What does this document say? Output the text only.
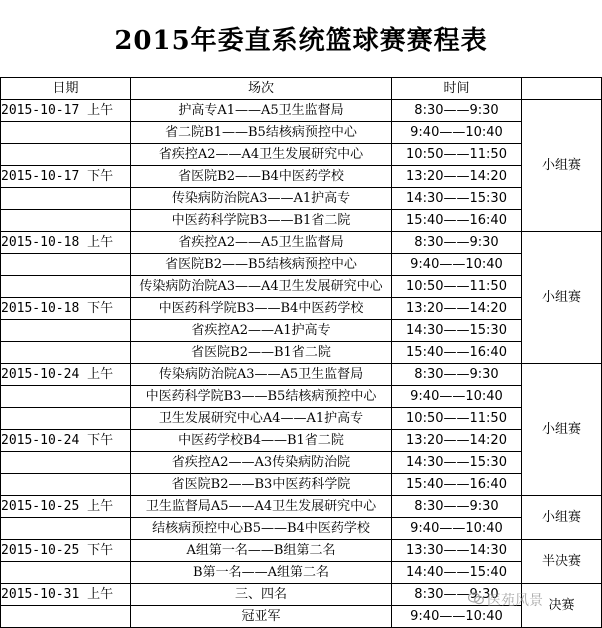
2015年委直系统篮球赛赛程表
日期	场次	时间	
2015-10-17 上午	护高专A1——A5卫生监督局	8:30——9:30	小组赛
	省二院B1——B5结核病预控中心	9:40——10:40	
	省疾控A2——A4卫生发展研究中心	10:50——11:50	
2015-10-17 下午	省医院B2——B4中医药学校	13:20——14:20	
	传染病防治院A3——A1护高专	14:30——15:30	
	中医药科学院B3——B1省二院	15:40——16:40	
2015-10-18 上午	省疾控A2——A5卫生监督局	8:30——9:30	小组赛
	省医院B2——B5结核病预控中心	9:40——10:40	
	传染病防治院A3——A4卫生发展研究中心	10:50——11:50	
2015-10-18 下午	中医药科学院B3——B4中医药学校	13:20——14:20	
	省疾控A2——A1护高专	14:30——15:30	
	省医院B2——B1省二院	15:40——16:40	
2015-10-24 上午	传染病防治院A3——A5卫生监督局	8:30——9:30	小组赛
	中医药科学院B3——B5结核病预控中心	9:40——10:40	
	卫生发展研究中心A4——A1护高专	10:50——11:50	
2015-10-24 下午	中医药学校B4——B1省二院	13:20——14:20	
	省疾控A2——A3传染病防治院	14:30——15:30	
	省医院B2——B3中医药科学院	15:40——16:40	
2015-10-25 上午	卫生监督局A5——A4卫生发展研究中心	8:30——9:30	小组赛
	结核病预控中心B5——B4中医药学校	9:40——10:40	
2015-10-25 下午	A组第一名——B组第二名	13:30——14:30	半决赛
	B第一名——A组第二名	14:40——15:40	
2015-10-31 上午	三、四名	8:30——9:30	决赛
	冠亚军	9:40——10:40	
医苑风景
